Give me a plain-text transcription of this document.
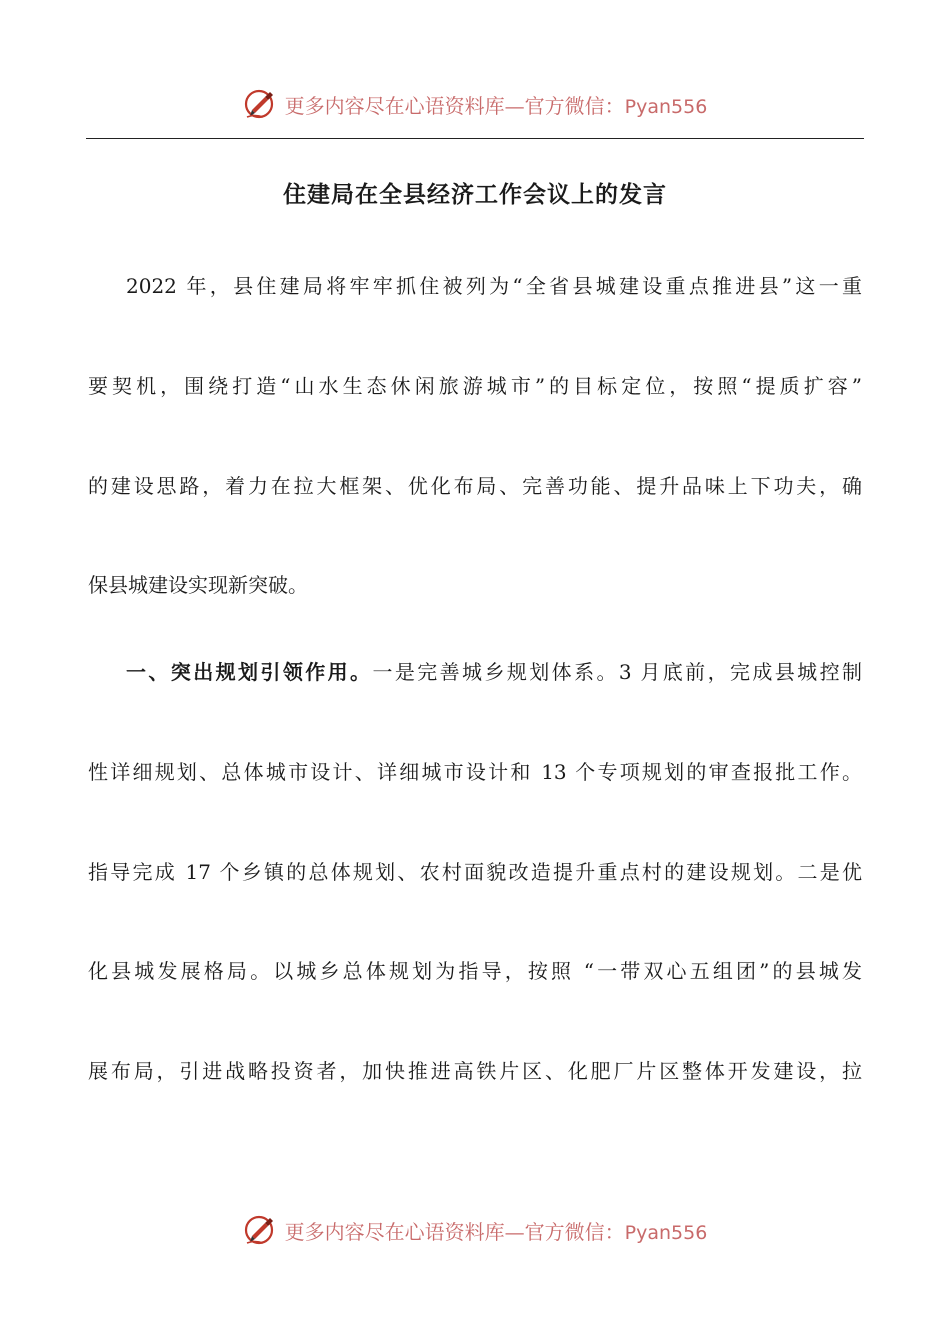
更多内容尽在心语资料库—官方微信：Pyan556
住建局在全县经济工作会议上的发言
2022 年，县住建局将牢牢抓住被列为“全省县城建设重点推进县”这一重
要契机，围绕打造“山水生态休闲旅游城市”的目标定位，按照“提质扩容”
的建设思路，着力在拉大框架、优化布局、完善功能、提升品味上下功夫，确
保县城建设实现新突破。
一、突出规划引领作用。一是完善城乡规划体系。3 月底前，完成县城控制
性详细规划、总体城市设计、详细城市设计和 13 个专项规划的审查报批工作。
指导完成 17 个乡镇的总体规划、农村面貌改造提升重点村的建设规划。二是优
化县城发展格局。以城乡总体规划为指导，按照 “一带双心五组团”的县城发
展布局，引进战略投资者，加快推进高铁片区、化肥厂片区整体开发建设，拉
更多内容尽在心语资料库—官方微信：Pyan556
